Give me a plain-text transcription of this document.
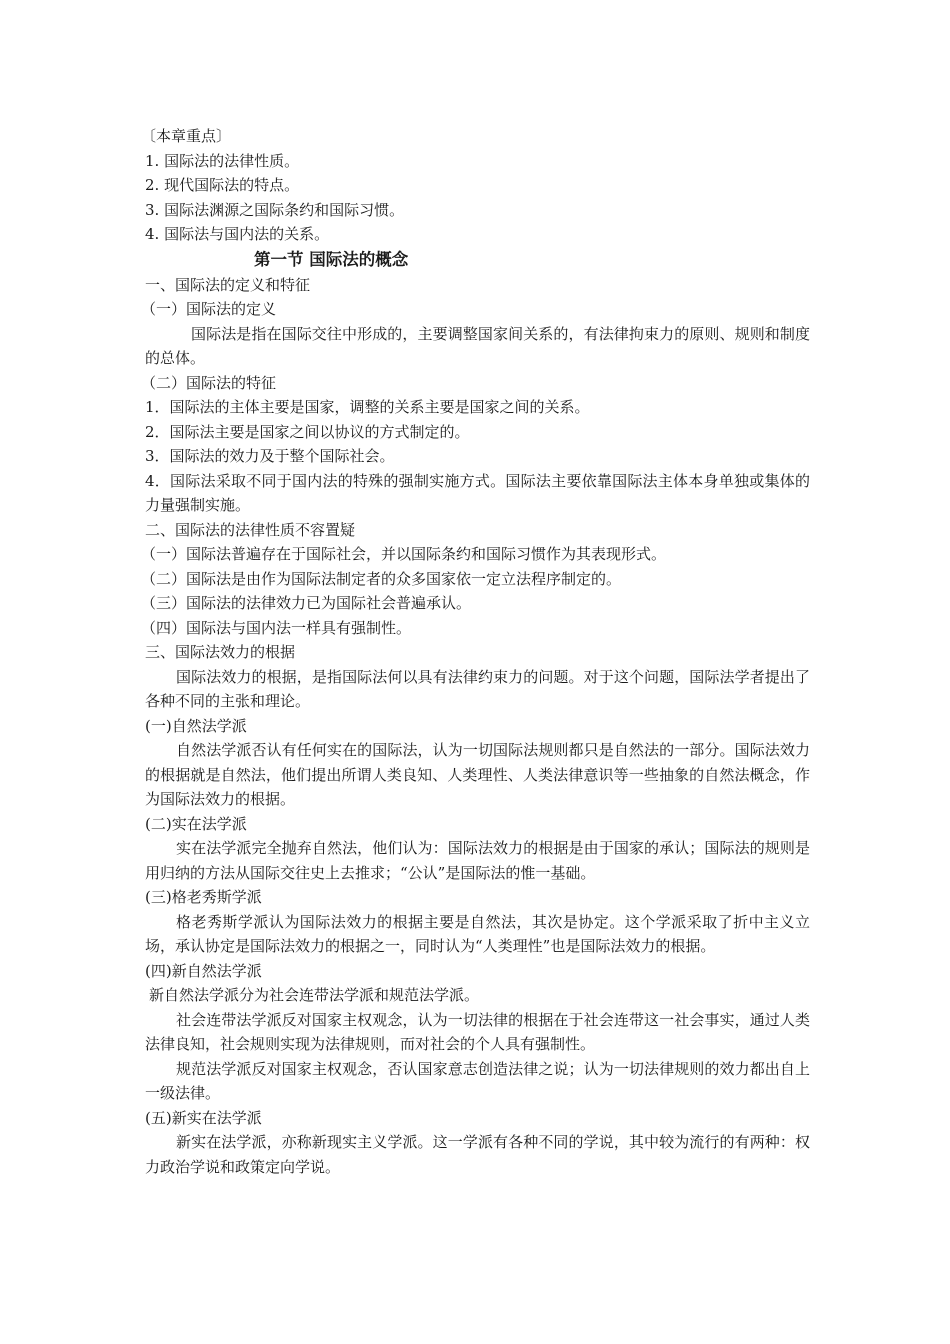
〔本章重点〕

1. 国际法的法律性质。

2. 现代国际法的特点。

3. 国际法渊源之国际条约和国际习惯。

4. 国际法与国内法的关系。

第一节 国际法的概念

一、国际法的定义和特征

（一）国际法的定义

国际法是指在国际交往中形成的，主要调整国家间关系的，有法律拘束力的原则、规则和制度的总体。

（二）国际法的特征

1．国际法的主体主要是国家，调整的关系主要是国家之间的关系。

2．国际法主要是国家之间以协议的方式制定的。

3．国际法的效力及于整个国际社会。

4．国际法采取不同于国内法的特殊的强制实施方式。国际法主要依靠国际法主体本身单独或集体的力量强制实施。

二、国际法的法律性质不容置疑

（一）国际法普遍存在于国际社会，并以国际条约和国际习惯作为其表现形式。

（二）国际法是由作为国际法制定者的众多国家依一定立法程序制定的。

（三）国际法的法律效力已为国际社会普遍承认。

（四）国际法与国内法一样具有强制性。

三、国际法效力的根据

国际法效力的根据，是指国际法何以具有法律约束力的问题。对于这个问题，国际法学者提出了各种不同的主张和理论。

(一)自然法学派

自然法学派否认有任何实在的国际法，认为一切国际法规则都只是自然法的一部分。国际法效力的根据就是自然法，他们提出所谓人类良知、人类理性、人类法律意识等一些抽象的自然法概念，作为国际法效力的根据。

(二)实在法学派

实在法学派完全抛弃自然法，他们认为：国际法效力的根据是由于国家的承认；国际法的规则是用归纳的方法从国际交往史上去推求；“公认”是国际法的惟一基础。

(三)格老秀斯学派

格老秀斯学派认为国际法效力的根据主要是自然法，其次是协定。这个学派采取了折中主义立场，承认协定是国际法效力的根据之一，同时认为“人类理性”也是国际法效力的根据。

(四)新自然法学派

新自然法学派分为社会连带法学派和规范法学派。

社会连带法学派反对国家主权观念，认为一切法律的根据在于社会连带这一社会事实，通过人类法律良知，社会规则实现为法律规则，而对社会的个人具有强制性。

规范法学派反对国家主权观念，否认国家意志创造法律之说；认为一切法律规则的效力都出自上一级法律。

(五)新实在法学派

新实在法学派，亦称新现实主义学派。这一学派有各种不同的学说，其中较为流行的有两种：权力政治学说和政策定向学说。
